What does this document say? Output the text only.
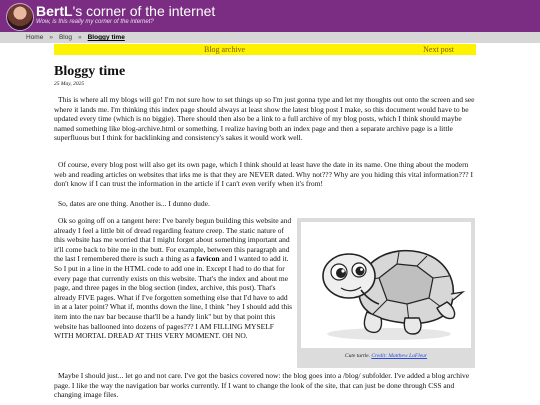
BertL's corner of the internet
Wow, is this really my corner of the internet?
Home » Blog » Bloggy time
Blog archive	Next post
Bloggy time
25 May, 2025

This is where all my blogs will go! I'm not sure how to set things up so I'm just gonna type and let my thoughts out onto the screen and see where it lands me. I'm thinking this index page should always at least show the latest blog post I make, so this document would have to be updated every time (which is no biggie). There should then also be a link to a full archive of my blog posts, which I think should maybe named something like blog-archive.html or something. I realize having both an index page and then a separate archive page is a little superfluous but I think for backlinking and consistency's sakes it would work well.

Of course, every blog post will also get its own page, which I think should at least have the date in its name. One thing about the modern web and reading articles on websites that irks me is that they are NEVER dated. Why not??? Why are you hiding this vital information??? I don't know if I can trust the information in the article if I can't even verify when it's from!

So, dates are one thing. Another is... I dunno dude.

Ok so going off on a tangent here: I've barely begun building this website and already I feel a little bit of dread regarding feature creep. The static nature of this website has me worried that I might forget about something important and it'll come back to bite me in the butt. For example, between this paragraph and the last I remembered there is such a thing as a favicon and I wanted to add it. So I put in a line in the HTML code to add one in. Except I had to do that for every page that currently exists on this website. That's the index and about me page, and three pages in the blog section (index, archive, this post). That's already FIVE pages. What if I've forgotten something else that I'd have to add in at a later point? What if, months down the line, I think "hey I should add this item into the nav bar because that'll be a handy link" but by that point this website has ballooned into dozens of pages??? I AM FILLING MYSELF WITH MORTAL DREAD AT THIS VERY MOMENT. OH NO.

Cute turtle. Credit: Matthew LaFleur

Maybe I should just... let go and not care. I've got the basics covered now: the blog goes into a /blog/ subfolder. I've added a blog archive page. I like the way the navigation bar works currently. If I want to change the look of the site, that can just be done through CSS and changing image files.
